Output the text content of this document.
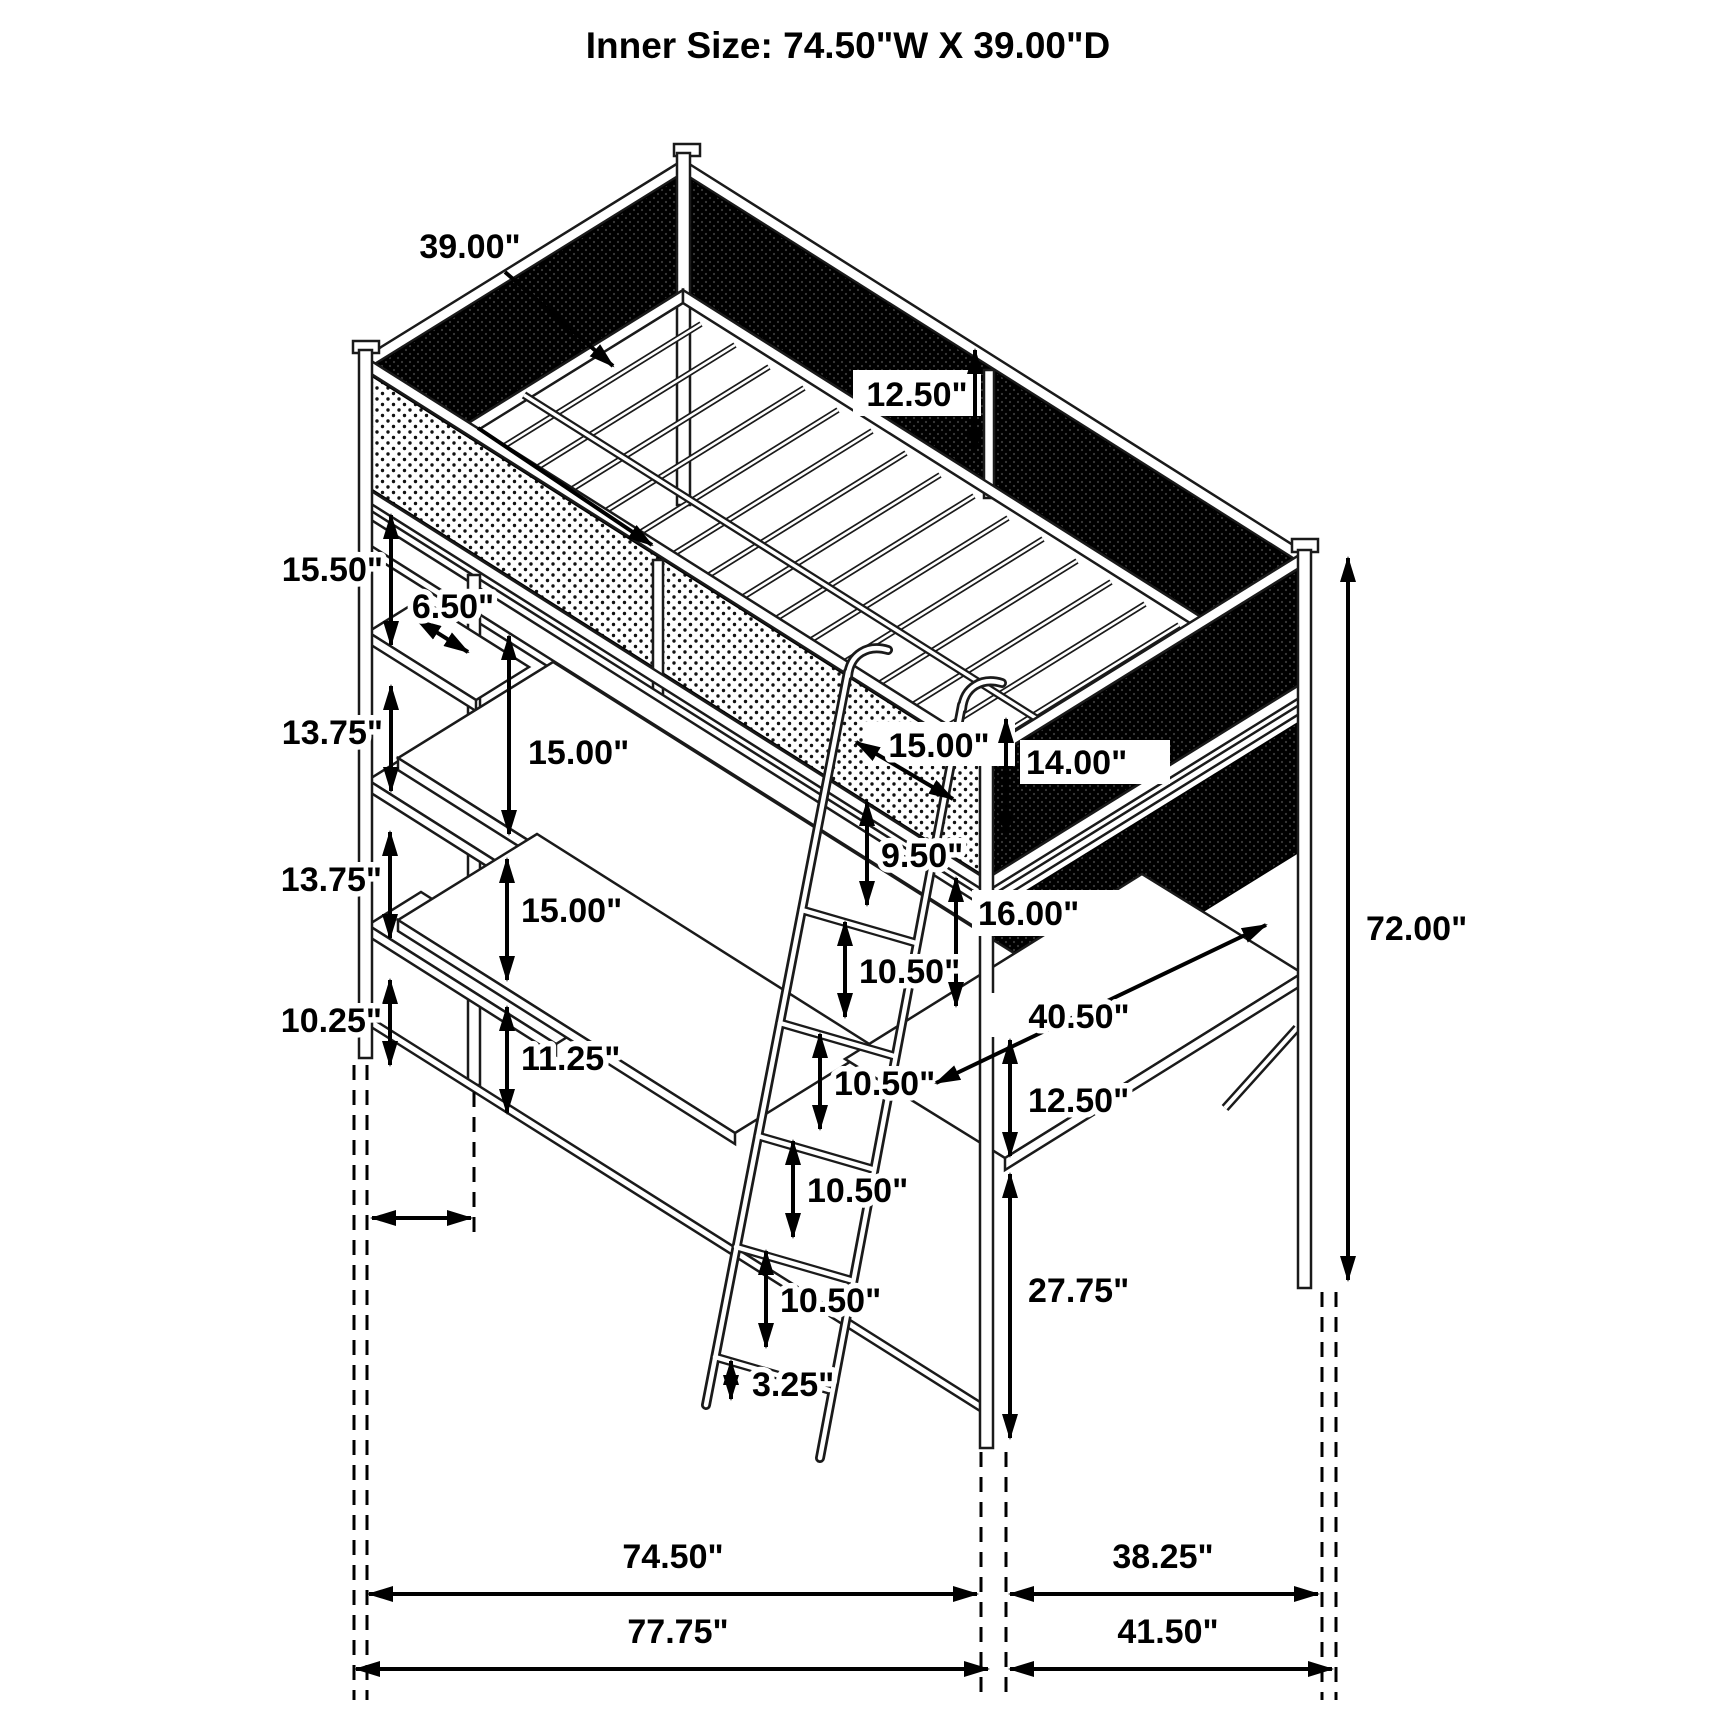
Inner Size: 74.50"W X 39.00"D
39.00"
12.50"
15.50"
6.50"
13.75"
13.75"
10.25"
15.00"
15.00"
11.25"
15.00"
9.50"
14.00"
16.00"
10.50"
10.50"
10.50"
10.50"
3.25"
40.50"
12.50"
27.75"
72.00"
74.50"	38.25"
77.75"	41.50"
